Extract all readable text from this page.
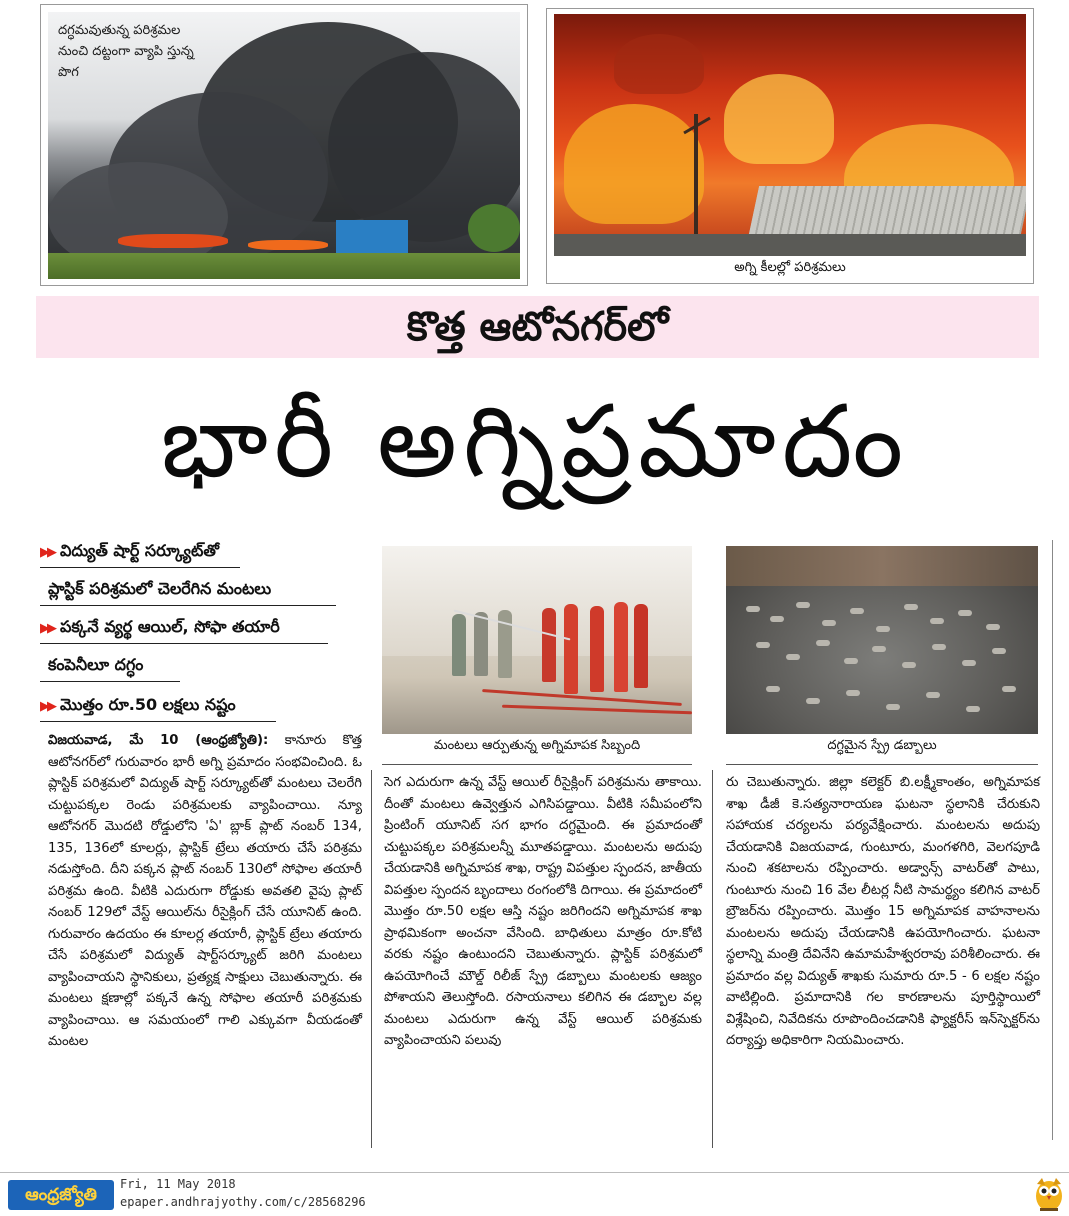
దగ్ధమవుతున్న పరిశ్రమల నుంచి దట్టంగా వ్యాపి స్తున్న పొగ
అగ్ని కీలల్లో పరిశ్రమలు
కొత్త ఆటోనగర్‌లో
భారీ అగ్నిప్రమాదం
▶▶ విద్యుత్ షార్ట్ సర్క్యూట్‌తో
ప్లాస్టిక్ పరిశ్రమలో చెలరేగిన మంటలు
▶▶ పక్కనే వ్యర్థ ఆయిల్, సోఫా తయారీ
కంపెనీలూ దగ్ధం
▶▶ మొత్తం రూ.50 లక్షలు నష్టం
మంటలు ఆర్పుతున్న అగ్నిమాపక సిబ్బంది	దగ్ధమైన స్ప్రే డబ్బాలు

విజయవాడ, మే 10 (ఆంధ్రజ్యోతి): కానూరు కొత్త ఆటోనగర్‌లో గురువారం భారీ అగ్ని ప్రమాదం సంభవించింది. ఓ ప్లాస్టిక్ పరిశ్రమలో విద్యుత్ షార్ట్ సర్క్యూట్‌తో మంటలు చెలరేగి చుట్టుపక్కల రెండు పరిశ్రమలకు వ్యాపించాయి. న్యూ ఆటోనగర్ మొదటి రోడ్డులోని 'ఏ' బ్లాక్ ప్లాట్ నంబర్ 134, 135, 136లో కూలర్లు, ప్లాస్టిక్ ట్రేలు తయారు చేసే పరిశ్రమ నడుస్తోంది. దీని పక్కన ప్లాట్ నంబర్ 130లో సోఫాల తయారీ పరిశ్రమ ఉంది. వీటికి ఎదురుగా రోడ్డుకు అవతలి వైపు ప్లాట్ నంబర్ 129లో వేస్ట్ ఆయిల్‌ను రీసైక్లింగ్ చేసే యూనిట్ ఉంది. గురువారం ఉదయం ఈ కూలర్ల తయారీ, ప్లాస్టిక్ ట్రేలు తయారు చేసే పరిశ్రమలో విద్యుత్ షార్ట్‌సర్క్యూట్ జరిగి మంటలు వ్యాపించాయని స్థానికులు, ప్రత్యక్ష సాక్షులు చెబుతున్నారు. ఈ మంటలు క్షణాల్లో పక్కనే ఉన్న సోఫాల తయారీ పరిశ్రమకు వ్యాపించాయి. ఆ సమయంలో గాలి ఎక్కువగా వీయడంతో మంటల

సెగ ఎదురుగా ఉన్న వేస్ట్ ఆయిల్ రీసైక్లింగ్ పరిశ్రమను తాకాయి. దీంతో మంటలు ఉవ్వెత్తున ఎగిసిపడ్డాయి. వీటికి సమీపంలోని ప్రింటింగ్ యూనిట్ సగ భాగం దగ్ధమైంది. ఈ ప్రమాదంతో చుట్టుపక్కల పరిశ్రమలన్నీ మూతపడ్డాయి. మంటలను అదుపు చేయడానికి అగ్నిమాపక శాఖ, రాష్ట్ర విపత్తుల స్పందన, జాతీయ విపత్తుల స్పందన బృందాలు రంగంలోకి దిగాయి. ఈ ప్రమాదంలో మొత్తం రూ.50 లక్షల ఆస్తి నష్టం జరిగిందని అగ్నిమాపక శాఖ ప్రాథమికంగా అంచనా వేసింది. బాధితులు మాత్రం రూ.కోటి వరకు నష్టం ఉంటుందని చెబుతున్నారు. ప్లాస్టిక్ పరిశ్రమలో ఉపయోగించే మౌల్డ్ రిలీజ్ స్ప్రే డబ్బాలు మంటలకు ఆజ్యం పోశాయని తెలుస్తోంది. రసాయనాలు కలిగిన ఈ డబ్బాల వల్ల మంటలు ఎదురుగా ఉన్న వేస్ట్ ఆయిల్ పరిశ్రమకు వ్యాపించాయని పలువు

రు చెబుతున్నారు. జిల్లా కలెక్టర్ బి.లక్ష్మీకాంతం, అగ్నిమాపక శాఖ డీజీ కె.సత్యనారాయణ ఘటనా స్థలానికి చేరుకుని సహాయక చర్యలను పర్యవేక్షించారు. మంటలను అదుపు చేయడానికి విజయవాడ, గుంటూరు, మంగళగిరి, వెలగపూడి నుంచి శకటాలను రప్పించారు. అడ్వాన్స్ వాటర్‌తో పాటు, గుంటూరు నుంచి 16 వేల లీటర్ల నీటి సామర్థ్యం కలిగిన వాటర్ బ్రౌజర్‌ను రప్పించారు. మొత్తం 15 అగ్నిమాపక వాహనాలను మంటలను అదుపు చేయడానికి ఉపయోగించారు. ఘటనా స్థలాన్ని మంత్రి దేవినేని ఉమామహేశ్వరరావు పరిశీలించారు. ఈ ప్రమాదం వల్ల విద్యుత్ శాఖకు సుమారు రూ.5 - 6 లక్షల నష్టం వాటిల్లింది. ప్రమాదానికి గల కారణాలను పూర్తిస్థాయిలో విశ్లేషించి, నివేదికను రూపొందించడానికి ఫ్యాక్టరీస్ ఇన్‌స్పెక్టర్‌ను దర్యాప్తు అధికారిగా నియమించారు.

ఆంధ్రజ్యోతి
Fri, 11 May 2018
epaper.andhrajyothy.com/c/28568296
